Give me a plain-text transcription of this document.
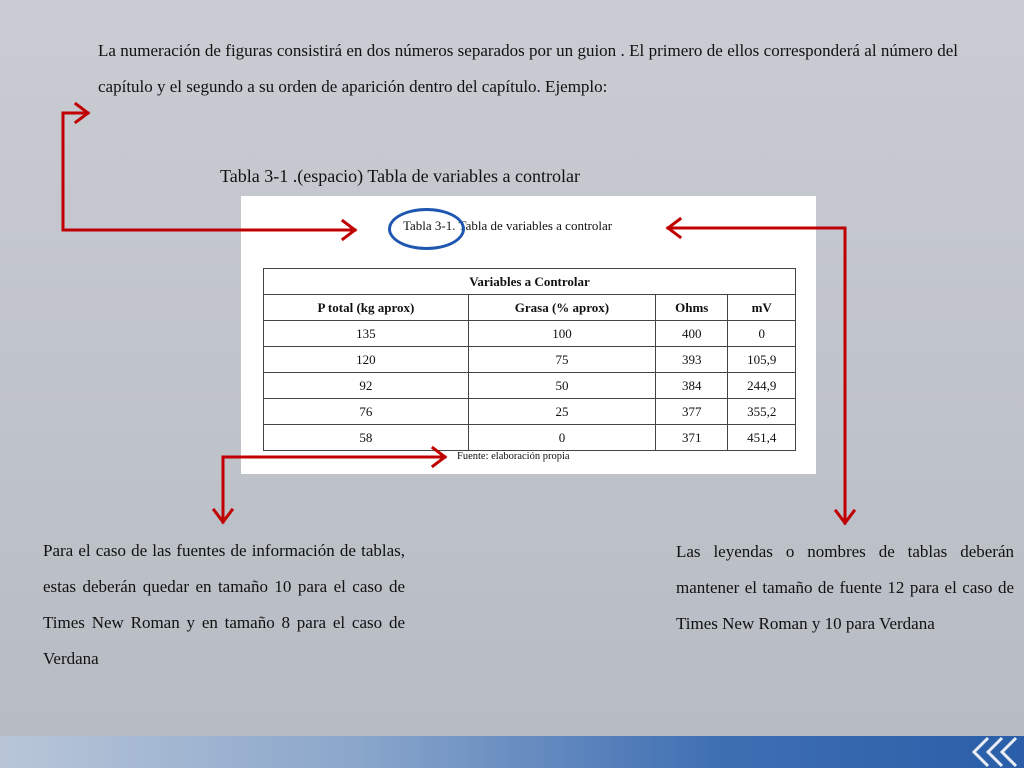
La numeración de figuras consistirá en dos números separados por un guion . El primero de ellos corresponderá al número del capítulo y el segundo a su orden de aparición dentro del capítulo. Ejemplo:

Tabla 3-1 .(espacio) Tabla de variables a controlar
Tabla 3-1. Tabla de variables a controlar
Variables a Controlar			
P total (kg aprox)	Grasa (% aprox)	Ohms	mV
135	100	400	0
120	75	393	105,9
92	50	384	244,9
76	25	377	355,2
58	0	371	451,4
Fuente: elaboración propia

Para el caso de las fuentes de información de tablas, estas deberán quedar en tamaño 10 para el caso de Times New Roman y en tamaño 8 para el caso de Verdana

Las leyendas o nombres de tablas deberán mantener el tamaño de fuente 12 para el caso de Times New Roman y 10 para Verdana
